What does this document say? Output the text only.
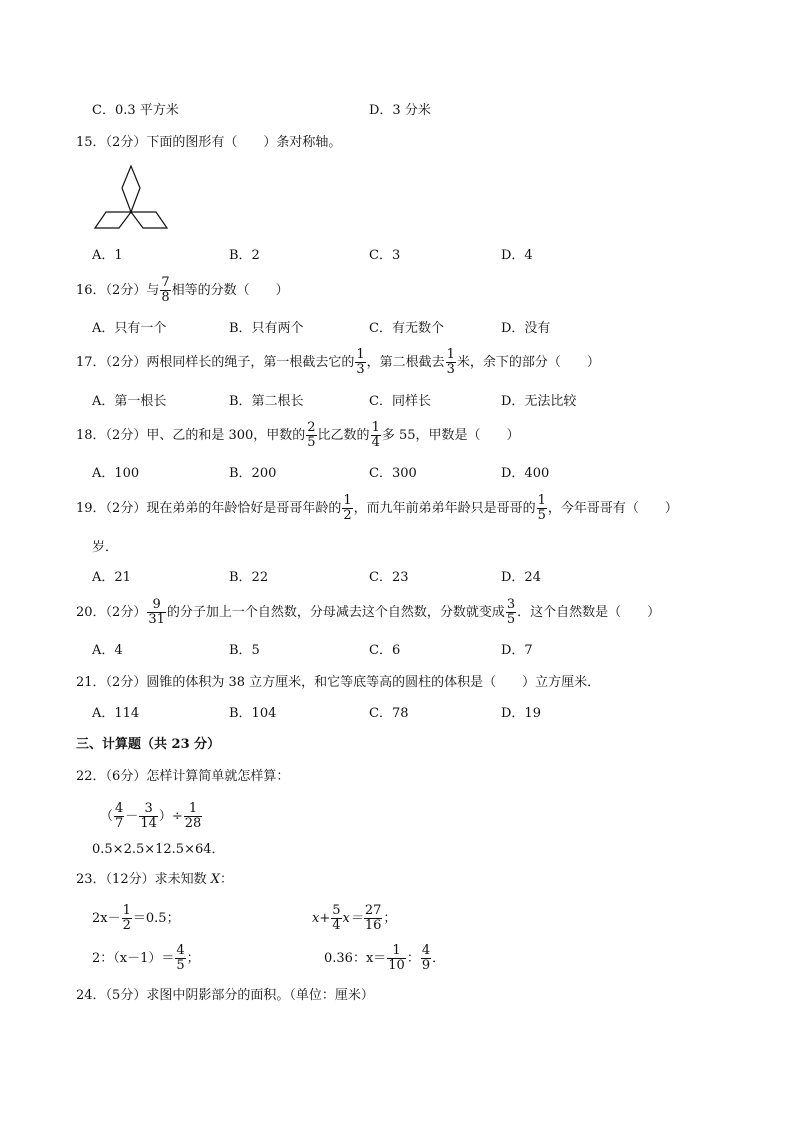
C．0.3 平方米	D．3 分米
15．（2分）下面的图形有（　　）条对称轴。
A．1	B．2	C．3	D．4
16．（2分）与 $\frac{7}{8}$ 相等的分数（　　）
A．只有一个	B．只有两个	C．有无数个	D．没有
17．（2分）两根同样长的绳子，第一根截去它的 $\frac{1}{3}$ ，第二根截去 $\frac{1}{3}$ 米，余下的部分（　　）
A．第一根长	B．第二根长	C．同样长	D．无法比较
18．（2分）甲、乙的和是 300，甲数的 $\frac{2}{5}$ 比乙数的 $\frac{1}{4}$ 多 55，甲数是（　　）
A．100	B．200	C．300	D．400
19．（2分）现在弟弟的年龄恰好是哥哥年龄的 $\frac{1}{2}$ ，而九年前弟弟年龄只是哥哥的 $\frac{1}{5}$ ，今年哥哥有（　　）
岁．
A．21	B．22	C．23	D．24
20．（2分） $\frac{9}{31}$ 的分子加上一个自然数，分母减去这个自然数，分数就变成 $\frac{3}{5}$ ．这个自然数是（　　）
A．4	B．5	C．6	D．7
21．（2分）圆锥的体积为 38 立方厘米，和它等底等高的圆柱的体积是（　　）立方厘米．
A．114	B．104	C．78	D．19
三、计算题（共 23 分）
22．（6分）怎样计算简单就怎样算：
（ $\frac{4}{7} - \frac{3}{14}$ ）÷ $\frac{1}{28}$
0.5×2.5×12.5×64．
23．（12分）求未知数 X：
$2x- \frac{1}{2} =0.5$；	$x+ \frac{5}{4} x= \frac{27}{16}$ ；
2：$(x-1)= \frac{4}{5}$ ；	0.36：$x= \frac{1}{10}$ ： $\frac{4}{9}$ ．
24．（5分）求图中阴影部分的面积。（单位：厘米）
